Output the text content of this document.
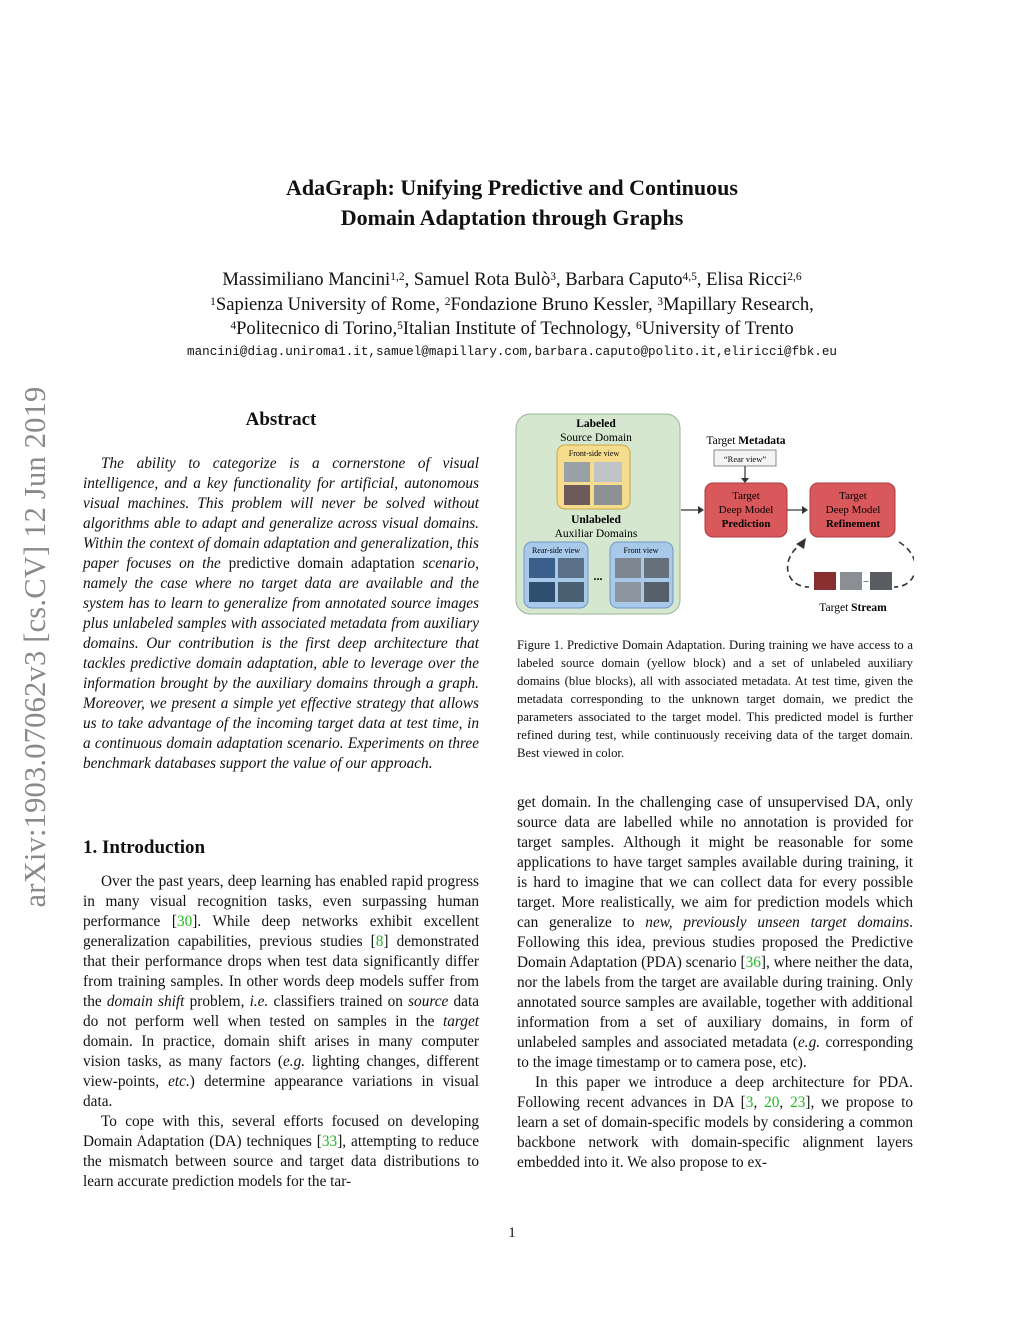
arXiv:1903.07062v3 [cs.CV] 12 Jun 2019
AdaGraph: Unifying Predictive and Continuous
Domain Adaptation through Graphs
Massimiliano Mancini$^{1,2}$, Samuel Rota Bulò$^3$, Barbara Caputo$^{4,5}$, Elisa Ricci$^{2,6}$
$^1$Sapienza University of Rome, $^2$Fondazione Bruno Kessler, $^3$Mapillary Research,
$^4$Politecnico di Torino,$^5$Italian Institute of Technology, $^6$University of Trento
mancini@diag.uniroma1.it,samuel@mapillary.com,barbara.caputo@polito.it,eliricci@fbk.eu
Abstract

The ability to categorize is a cornerstone of visual intelligence, and a key functionality for artificial, autonomous visual machines. This problem will never be solved without algorithms able to adapt and generalize across visual domains. Within the context of domain adaptation and generalization, this paper focuses on the predictive domain adaptation scenario, namely the case where no target data are available and the system has to learn to generalize from annotated source images plus unlabeled samples with associated metadata from auxiliary domains. Our contribution is the first deep architecture that tackles predictive domain adaptation, able to leverage over the information brought by the auxiliary domains through a graph. Moreover, we present a simple yet effective strategy that allows us to take advantage of the incoming target data at test time, in a continuous domain adaptation scenario. Experiments on three benchmark databases support the value of our approach.

1. Introduction

Over the past years, deep learning has enabled rapid progress in many visual recognition tasks, even surpassing human performance [30]. While deep networks exhibit excellent generalization capabilities, previous studies [8] demonstrated that their performance drops when test data significantly differ from training samples. In other words deep models suffer from the domain shift problem, i.e. classifiers trained on source data do not perform well when tested on samples in the target domain. In practice, domain shift arises in many computer vision tasks, as many factors (e.g. lighting changes, different view-points, etc.) determine appearance variations in visual data.

To cope with this, several efforts focused on developing Domain Adaptation (DA) techniques [33], attempting to reduce the mismatch between source and target data distributions to learn accurate prediction models for the tar-

Labeled
Source Domain
Front-side view
Unlabeled
Auxiliar Domains
Rear-side view
...
Front view
Target Metadata
“Rear view”
Target
Deep Model
Prediction
Target
Deep Model
Refinement
–
Target Stream
Figure 1. Predictive Domain Adaptation. During training we have access to a labeled source domain (yellow block) and a set of unlabeled auxiliary domains (blue blocks), all with associated metadata. At test time, given the metadata corresponding to the unknown target domain, we predict the parameters associated to the target model. This predicted model is further refined during test, while continuously receiving data of the target domain. Best viewed in color.

get domain. In the challenging case of unsupervised DA, only source data are labelled while no annotation is provided for target samples. Although it might be reasonable for some applications to have target samples available during training, it is hard to imagine that we can collect data for every possible target. More realistically, we aim for prediction models which can generalize to new, previously unseen target domains. Following this idea, previous studies proposed the Predictive Domain Adaptation (PDA) scenario [36], where neither the data, nor the labels from the target are available during training. Only annotated source samples are available, together with additional information from a set of auxiliary domains, in form of unlabeled samples and associated metadata (e.g. corresponding to the image timestamp or to camera pose, etc).

In this paper we introduce a deep architecture for PDA. Following recent advances in DA [3, 20, 23], we propose to learn a set of domain-specific models by considering a common backbone network with domain-specific alignment layers embedded into it. We also propose to ex-

1
